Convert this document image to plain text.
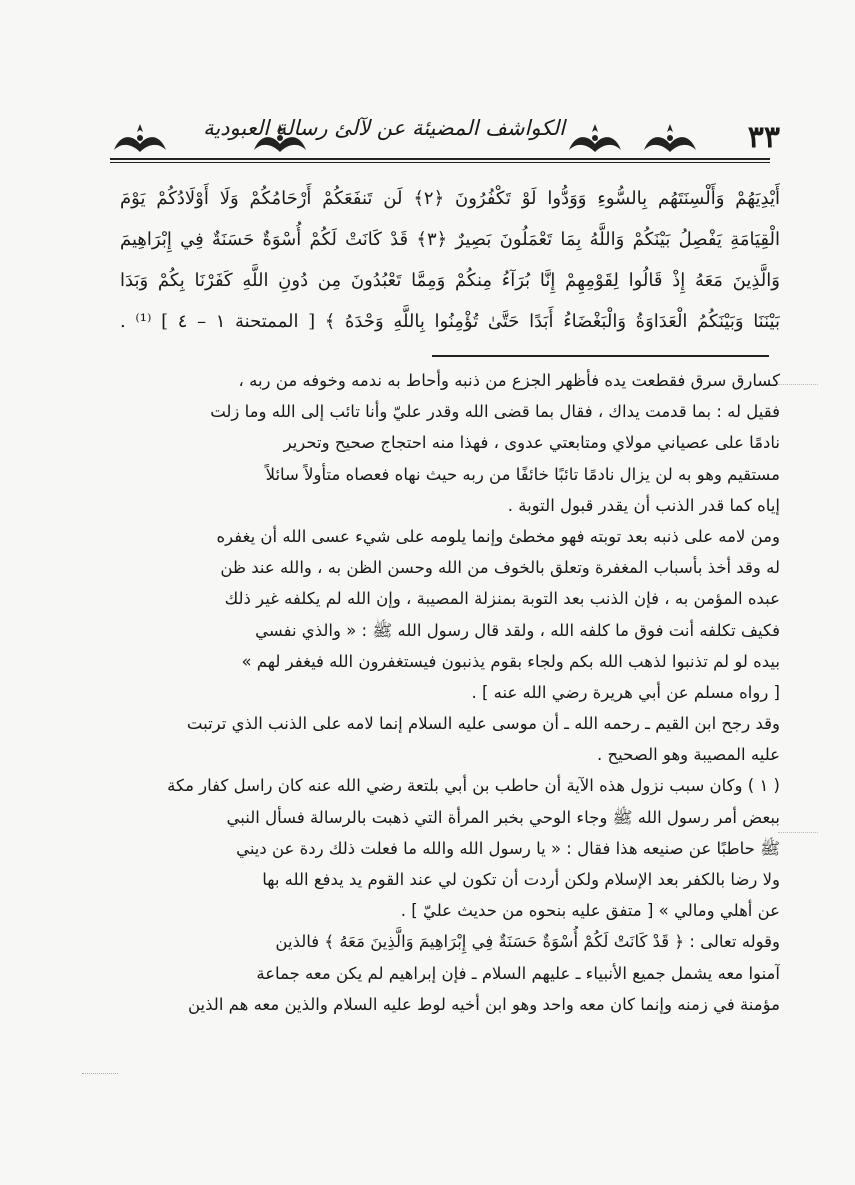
الكواشف المضيئة عن لآلئ رسالة العبودية	٣٣
أَيْدِيَهُمْ وَأَلْسِنَتَهُم بِالسُّوءِ وَوَدُّوا لَوْ تَكْفُرُونَ ﴿٢﴾ لَن تَنفَعَكُمْ أَرْحَامُكُمْ وَلَا أَوْلَادُكُمْ يَوْمَ
الْقِيَامَةِ يَفْصِلُ بَيْنَكُمْ وَاللَّهُ بِمَا تَعْمَلُونَ بَصِيرٌ ﴿٣﴾ قَدْ كَانَتْ لَكُمْ أُسْوَةٌ حَسَنَةٌ فِي إِبْرَاهِيمَ
وَالَّذِينَ مَعَهُ إِذْ قَالُوا لِقَوْمِهِمْ إِنَّا بُرَآءُ مِنكُمْ وَمِمَّا تَعْبُدُونَ مِن دُونِ اللَّهِ كَفَرْنَا بِكُمْ وَبَدَا
بَيْنَنَا وَبَيْنَكُمُ الْعَدَاوَةُ وَالْبَغْضَاءُ أَبَدًا حَتَّىٰ تُؤْمِنُوا بِاللَّهِ وَحْدَهُ ﴾ [ الممتحنة ١ – ٤ ] ⁽¹⁾ .
كسارق سرق فقطعت يده فأظهر الجزع من ذنبه وأحاط به ندمه وخوفه من ربه ،
فقيل له : بما قدمت يداك ، فقال بما قضى الله وقدر عليّ وأنا تائب إلى الله وما زلت
نادمًا على عصياني مولاي ومتابعتي عدوى ، فهذا منه احتجاج صحيح وتحرير
مستقيم وهو به لن يزال نادمًا تائبًا خائفًا من ربه حيث نهاه فعصاه متأولاً سائلاً
إياه كما قدر الذنب أن يقدر قبول التوبة .
ومن لامه على ذنبه بعد توبته فهو مخطئ وإنما يلومه على شيء عسى الله أن يغفره
له وقد أخذ بأسباب المغفرة وتعلق بالخوف من الله وحسن الظن به ، والله عند ظن
عبده المؤمن به ، فإن الذنب بعد التوبة بمنزلة المصيبة ، وإن الله لم يكلفه غير ذلك
فكيف تكلفه أنت فوق ما كلفه الله ، ولقد قال رسول الله ﷺ : « والذي نفسي
بيده لو لم تذنبوا لذهب الله بكم ولجاء بقوم يذنبون فيستغفرون الله فيغفر لهم »
[ رواه مسلم عن أبي هريرة رضي الله عنه ] .
وقد رجح ابن القيم ـ رحمه الله ـ أن موسى عليه السلام إنما لامه على الذنب الذي ترتبت
عليه المصيبة وهو الصحيح .
( ١ ) وكان سبب نزول هذه الآية أن حاطب بن أبي بلتعة رضي الله عنه كان راسل كفار مكة
ببعض أمر رسول الله ﷺ وجاء الوحي بخبر المرأة التي ذهبت بالرسالة فسأل النبي
ﷺ حاطبًا عن صنيعه هذا فقال : « يا رسول الله والله ما فعلت ذلك ردة عن ديني
ولا رضا بالكفر بعد الإسلام ولكن أردت أن تكون لي عند القوم يد يدفع الله بها
عن أهلي ومالي » [ متفق عليه بنحوه من حديث عليّ ] .
وقوله تعالى : ﴿ قَدْ كَانَتْ لَكُمْ أُسْوَةٌ حَسَنَةٌ فِي إِبْرَاهِيمَ وَالَّذِينَ مَعَهُ ﴾ فالذين
آمنوا معه يشمل جميع الأنبياء ـ عليهم السلام ـ فإن إبراهيم لم يكن معه جماعة
مؤمنة في زمنه وإنما كان معه واحد وهو ابن أخيه لوط عليه السلام والذين معه هم الذين
